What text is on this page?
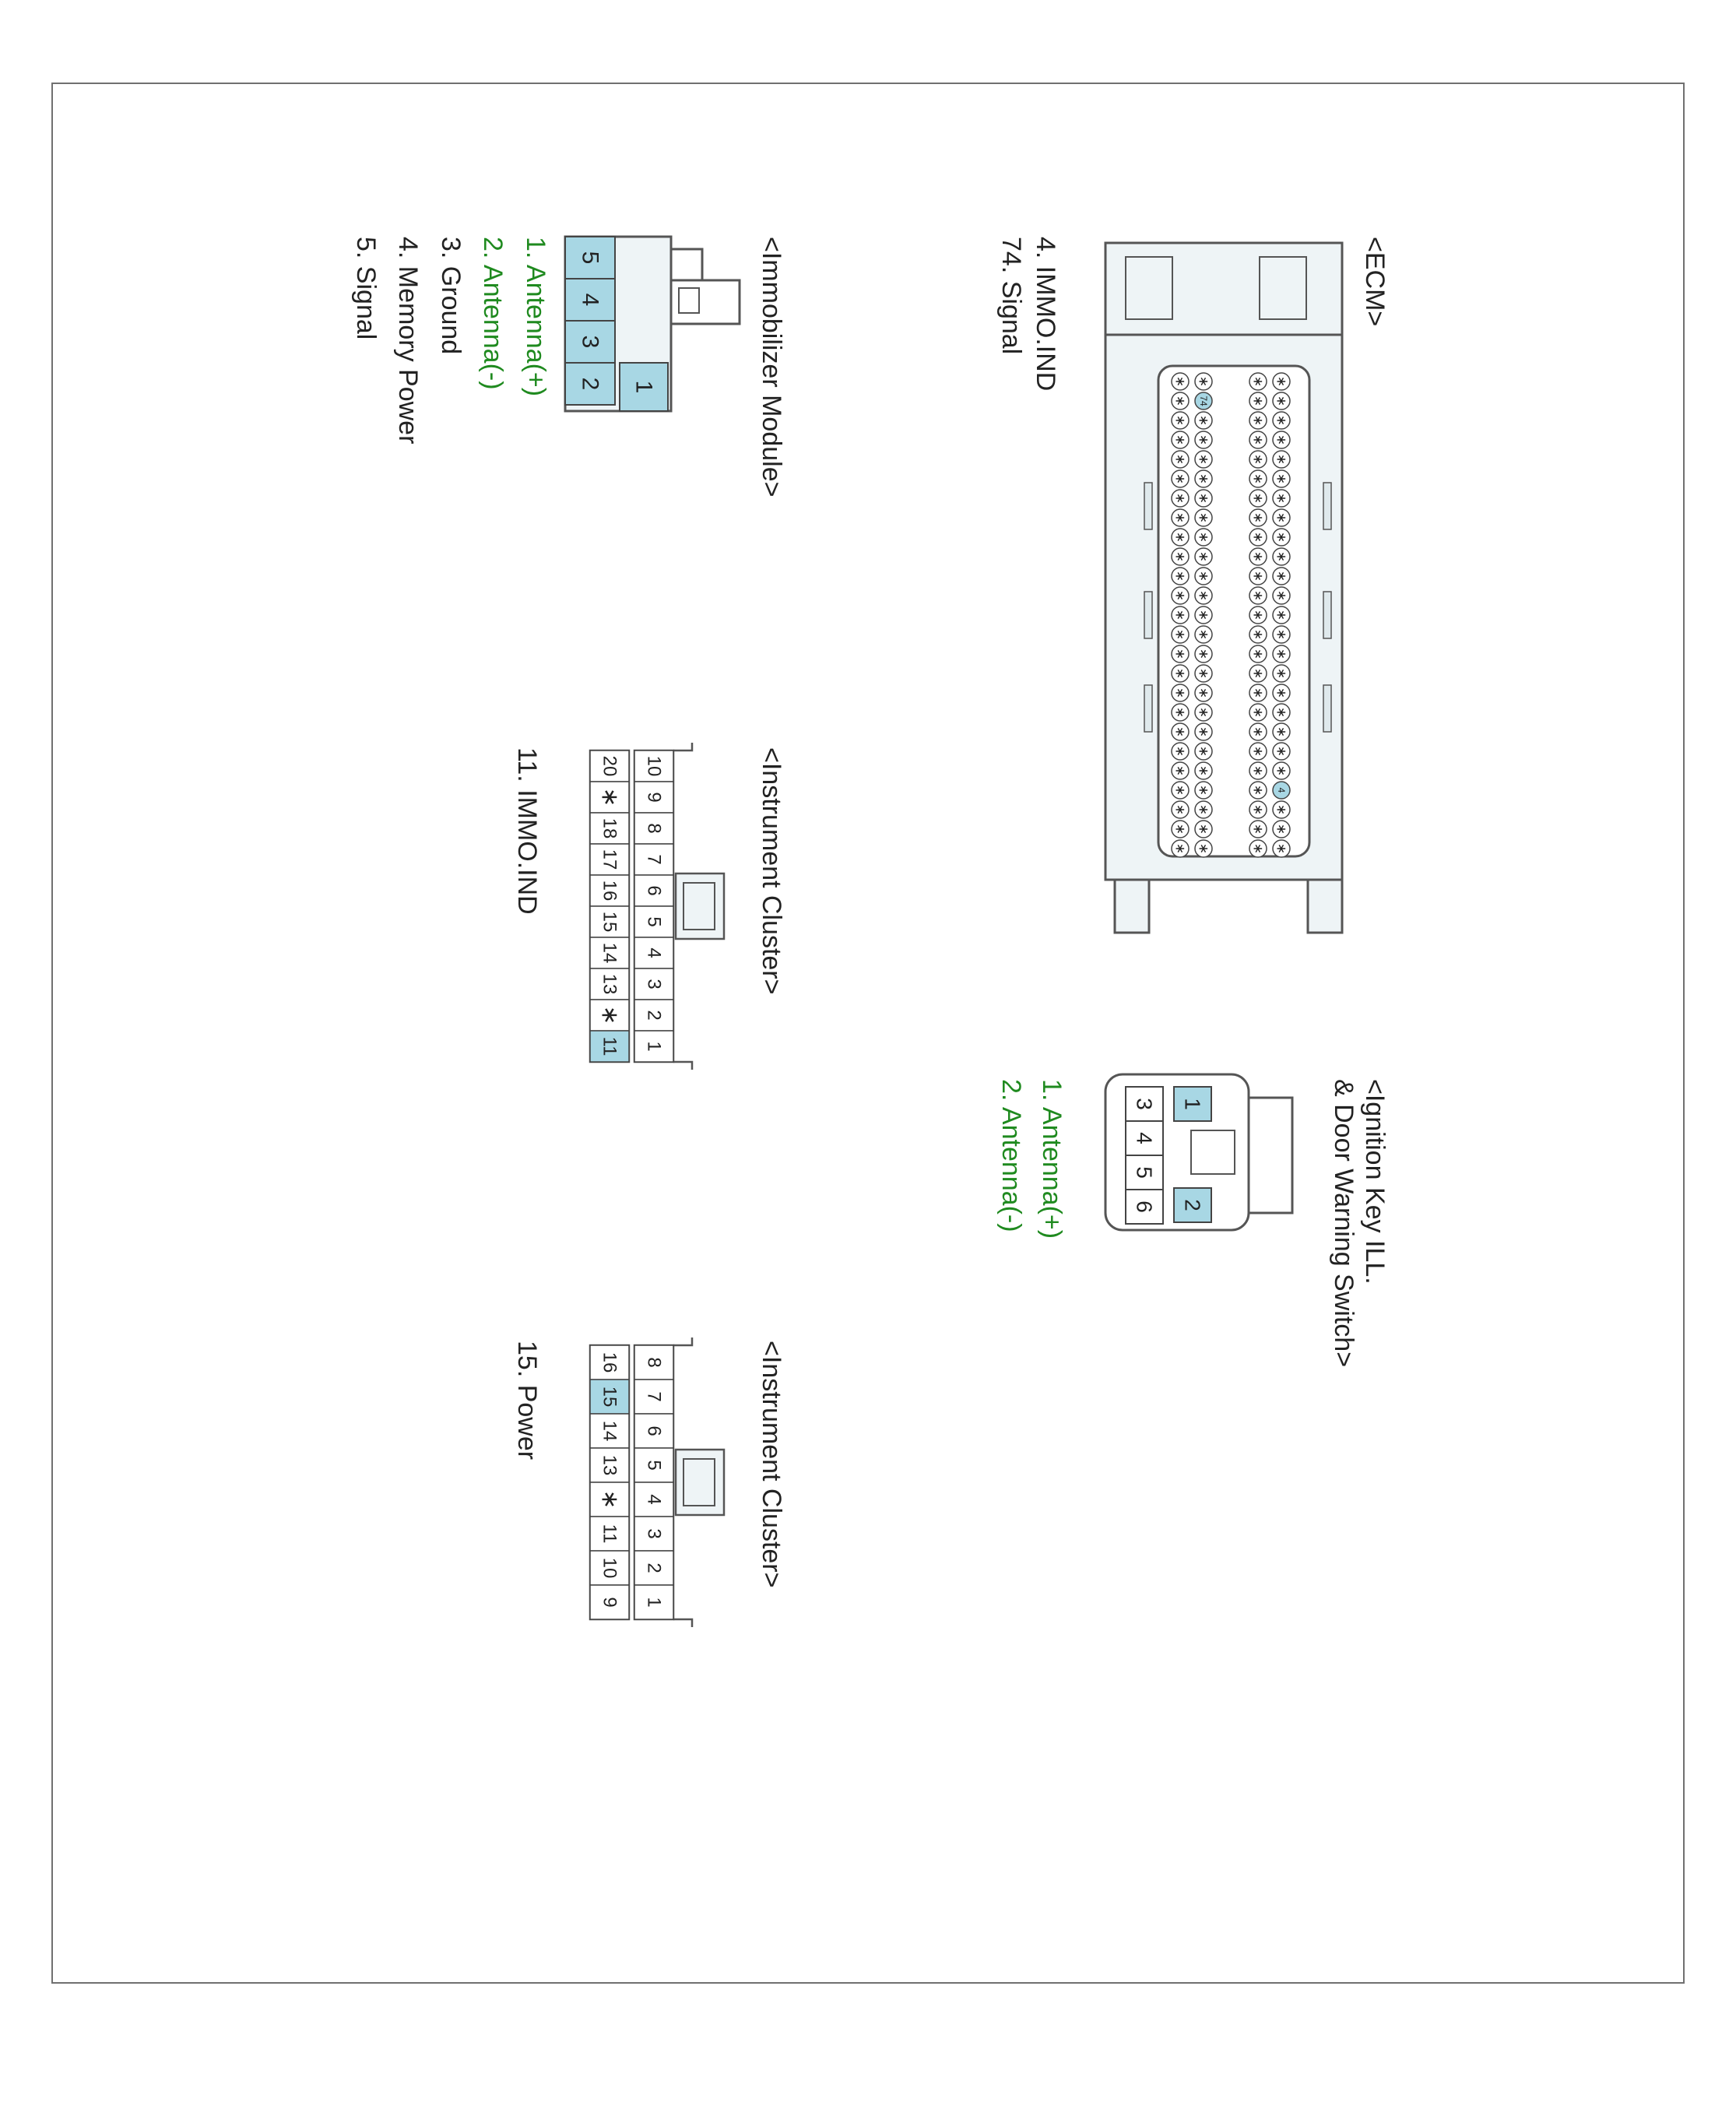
<ECM>
4. IMMO.IND
74. Signal
<Ignition Key ILL.
& Door Warning Switch>
1. Antenna(+)
2. Antenna(-)
<Immobilizer Module>
1. Antenna(+)
2. Antenna(-)
3. Ground
4. Memory Power
5. Signal
<Instrument Cluster>
11. IMMO.IND
<Instrument Cluster>
15. Power
∗
∗
∗
∗
∗
∗
∗
∗
∗
∗
∗
∗
∗
∗
∗
∗
∗
∗
∗
∗
∗
4
∗
∗
∗
∗
∗
∗
∗
∗
∗
∗
∗
∗
∗
∗
∗
∗
∗
∗
∗
∗
∗
∗
∗
∗
∗
∗
∗
∗
∗
74
∗
∗
∗
∗
∗
∗
∗
∗
∗
∗
∗
∗
∗
∗
∗
∗
∗
∗
∗
∗
∗
∗
∗
∗
∗
∗
∗
∗
∗
∗
∗
∗
∗
∗
∗
∗
∗
∗
∗
∗
∗
∗
∗
∗
∗
∗
∗
∗
1
2
3
4
5
6
1
5
4
3
2
10
9
8
7
6
5
4
3
2
1
20
∗
18
17
16
15
14
13
∗
11
8
7
6
5
4
3
2
1
16
15
14
13
∗
11
10
9
